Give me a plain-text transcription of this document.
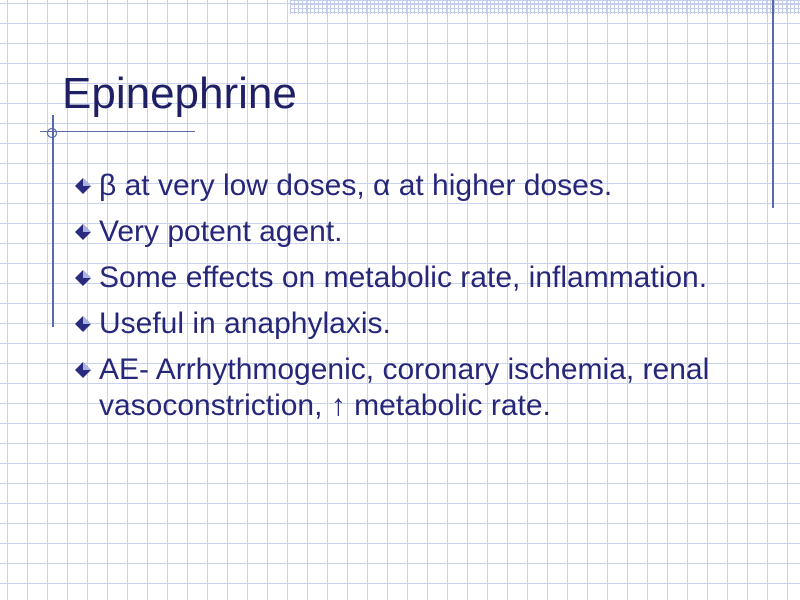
Epinephrine
β at very low doses, α at higher doses.
Very potent agent.
Some effects on metabolic rate, inflammation.
Useful in anaphylaxis.
AE- Arrhythmogenic, coronary ischemia, renal vasoconstriction, ↑ metabolic rate.
